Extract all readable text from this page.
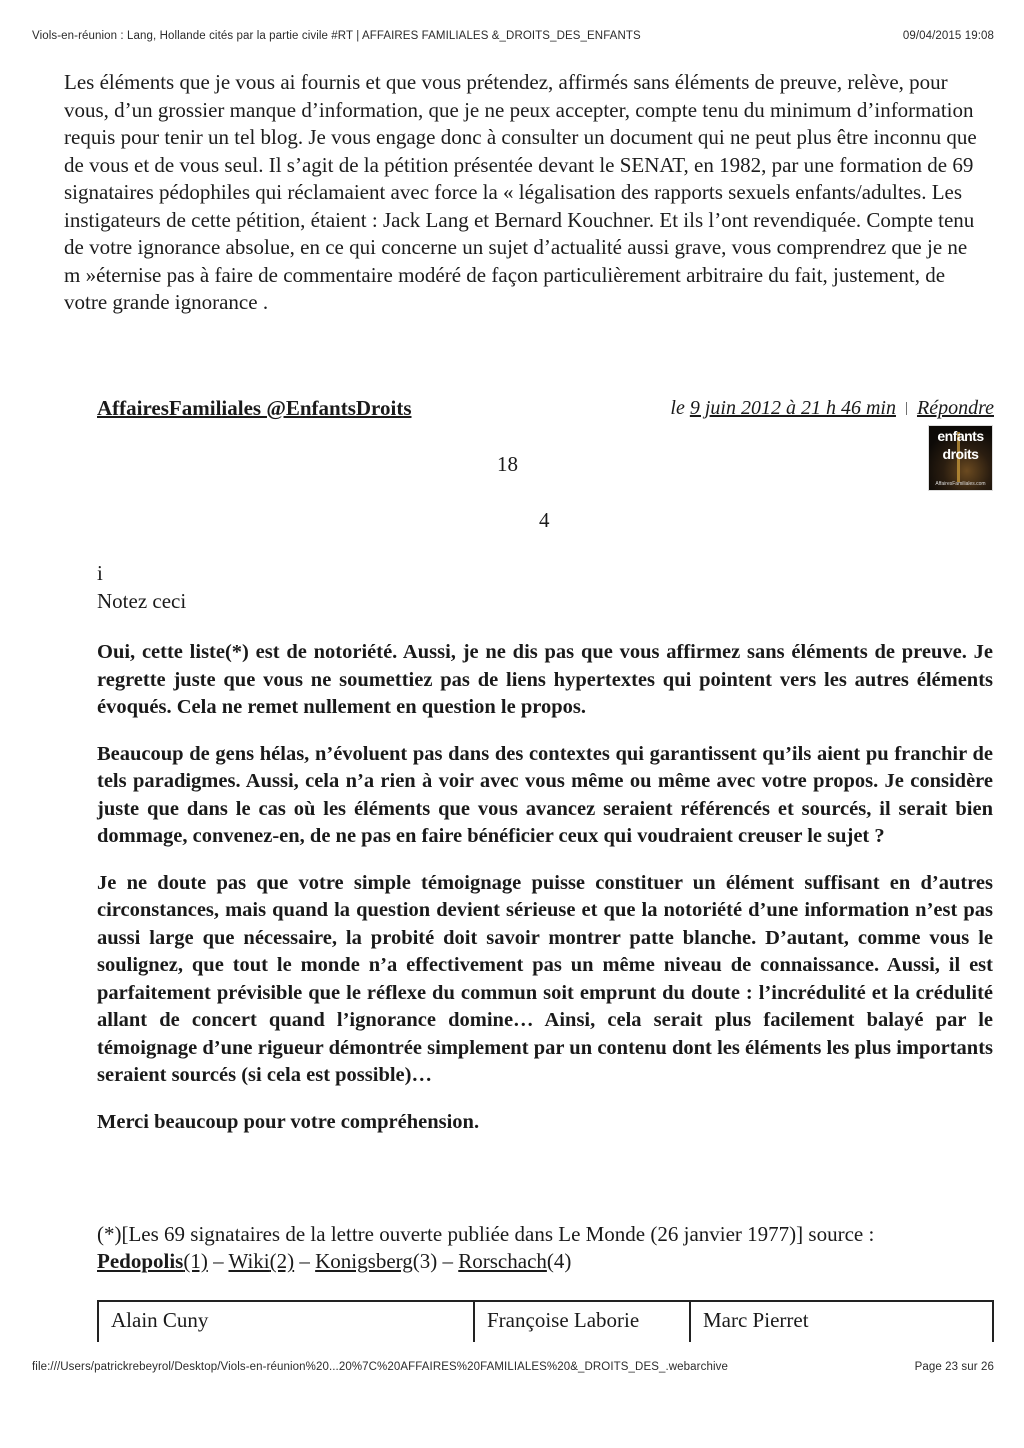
Viols-en-réunion : Lang, Hollande cités par la partie civile #RT | AFFAIRES FAMILIALES &_DROITS_DES_ENFANTS	09/04/2015 19:08

Les éléments que je vous ai fournis et que vous prétendez, affirmés sans éléments de preuve, relève, pour vous, d’un grossier manque d’information, que je ne peux accepter, compte tenu du minimum d’information requis pour tenir un tel blog. Je vous engage donc à consulter un document qui ne peut plus être inconnu que de vous et de vous seul. Il s’agit de la pétition présentée devant le SENAT, en 1982, par une formation de 69 signataires pédophiles qui réclamaient avec force la « légalisation des rapports sexuels enfants/adultes. Les instigateurs de cette pétition, étaient : Jack Lang et Bernard Kouchner. Et ils l’ont revendiquée. Compte tenu de votre ignorance absolue, en ce qui concerne un sujet d’actualité aussi grave, vous comprendrez que je ne m »éternise pas à faire de commentaire modéré de façon particulièrement arbitraire du fait, justement, de votre grande ignorance .

AffairesFamiliales @EnfantsDroits	le 9 juin 2012 à 21 h 46 min | Répondre
enfants
droits
AffairesFamiliales.com
18
4
i
Notez ceci

Oui, cette liste(*) est de notoriété. Aussi, je ne dis pas que vous affirmez sans éléments de preuve. Je regrette juste que vous ne soumettiez pas de liens hypertextes qui pointent vers les autres éléments évoqués. Cela ne remet nullement en question le propos.

Beaucoup de gens hélas, n’évoluent pas dans des contextes qui garantissent qu’ils aient pu franchir de tels paradigmes. Aussi, cela n’a rien à voir avec vous même ou même avec votre propos. Je considère juste que dans le cas où les éléments que vous avancez seraient référencés et sourcés, il serait bien dommage, convenez-en, de ne pas en faire bénéficier ceux qui voudraient creuser le sujet ?

Je ne doute pas que votre simple témoignage puisse constituer un élément suffisant en d’autres circonstances, mais quand la question devient sérieuse et que la notoriété d’une information n’est pas aussi large que nécessaire, la probité doit savoir montrer patte blanche. D’autant, comme vous le soulignez, que tout le monde n’a effectivement pas un même niveau de connaissance. Aussi, il est parfaitement prévisible que le réflexe du commun soit emprunt du doute : l’incrédulité et la crédulité allant de concert quand l’ignorance domine… Ainsi, cela serait plus facilement balayé par le témoignage d’une rigueur démontrée simplement par un contenu dont les éléments les plus importants seraient sourcés (si cela est possible)…

Merci beaucoup pour votre compréhension.

(*)[Les 69 signataires de la lettre ouverte publiée dans Le Monde (26 janvier 1977)] source :

Pedopolis(1) – Wiki(2) – Konigsberg(3) – Rorschach(4)

Alain Cuny	Françoise Laborie	Marc Pierret
file:///Users/patrickrebeyrol/Desktop/Viols-en-réunion%20...20%7C%20AFFAIRES%20FAMILIALES%20&_DROITS_DES_.webarchive	Page 23 sur 26
